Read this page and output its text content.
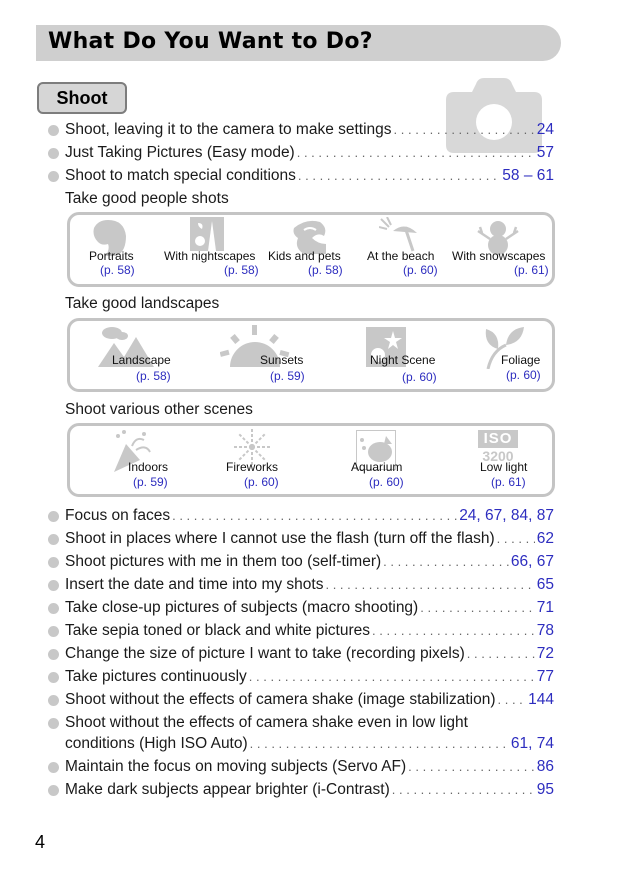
What Do You Want to Do?
Shoot
Shoot, leaving it to the camera to make settings . . .	24
Just Taking Pictures (Easy mode) . . .	57
Shoot to match special conditions . . .	58 – 61
Take good people shots
Portraits
(p. 58)
With nightscapes
(p. 58)
Kids and pets
(p. 58)
At the beach
(p. 60)
With snowscapes
(p. 61)
Take good landscapes
Landscape
(p. 58)
Sunsets
(p. 59)
Night Scene
(p. 60)
Foliage
(p. 60)
Shoot various other scenes
Indoors
(p. 59)
Fireworks
(p. 60)
Aquarium
(p. 60)
ISO
3200
Low light
(p. 61)
Focus on faces . . .	24, 67, 84, 87
Shoot in places where I cannot use the flash (turn off the flash) . . .	62
Shoot pictures with me in them too (self-timer) . . .	66, 67
Insert the date and time into my shots . . .	65
Take close-up pictures of subjects (macro shooting) . . .	71
Take sepia toned or black and white pictures . . .	78
Change the size of picture I want to take (recording pixels) . . .	72
Take pictures continuously . . .	77
Shoot without the effects of camera shake (image stabilization) . . . 144
Shoot without the effects of camera shake even in low light
conditions (High ISO Auto) . . .	61, 74
Maintain the focus on moving subjects (Servo AF) . . .	86
Make dark subjects appear brighter (i-Contrast) . . .	95
4
